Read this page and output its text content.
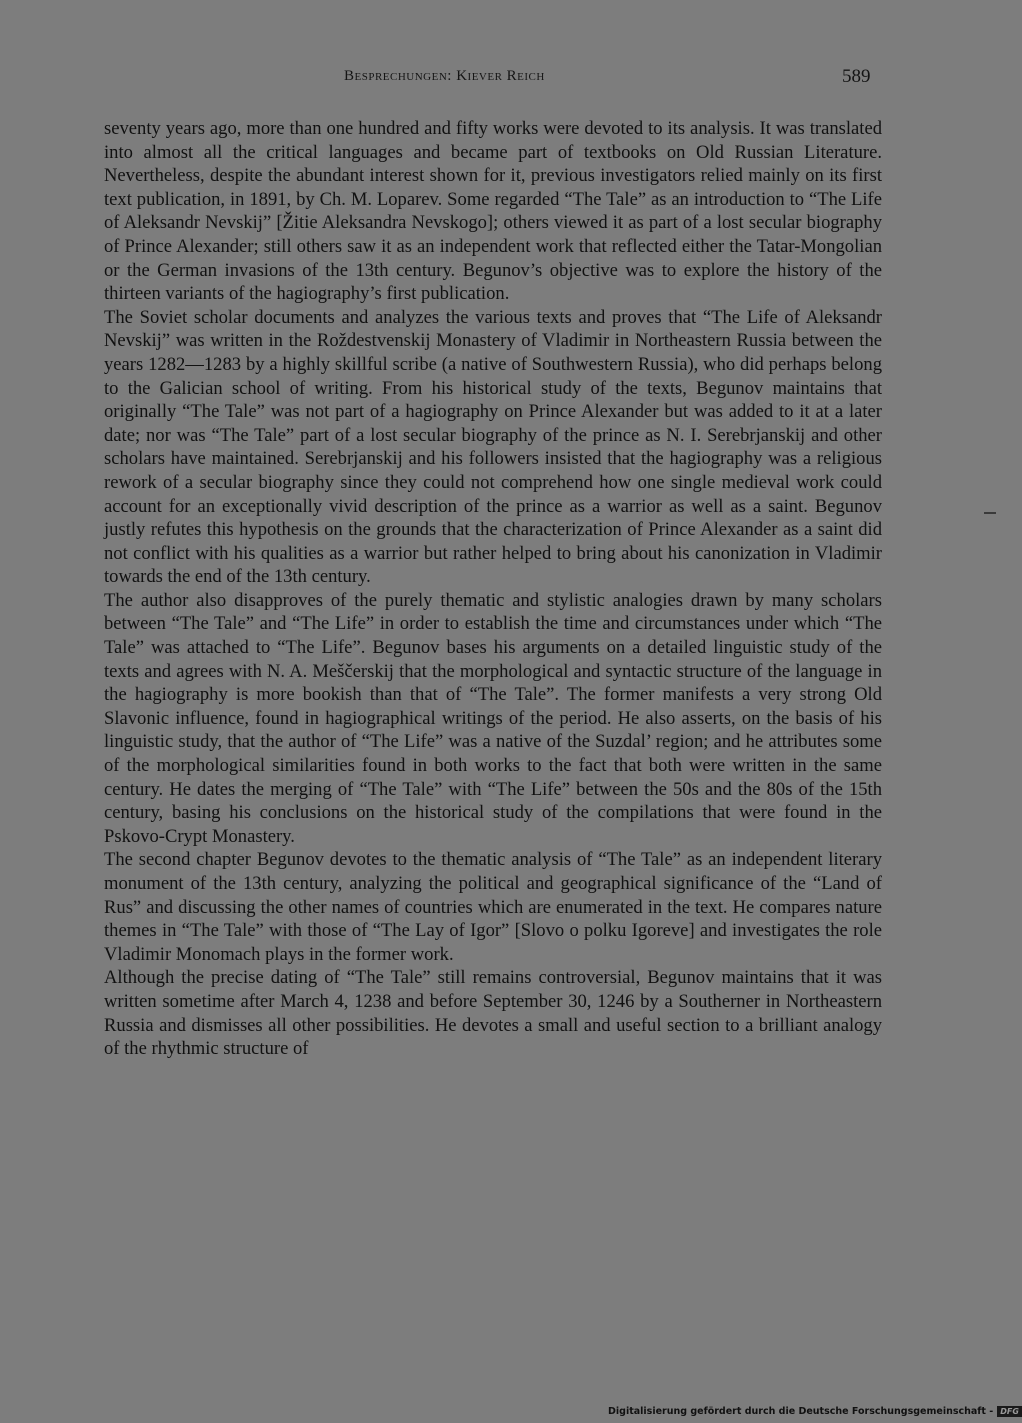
Besprechungen: Kiever Reich	589

seventy years ago, more than one hundred and fifty works were devoted to its analysis. It was translated into almost all the critical languages and became part of textbooks on Old Russian Literature. Nevertheless, despite the abundant interest shown for it, previous investigators relied mainly on its first text publication, in 1891, by Ch. M. Loparev. Some regarded “The Tale” as an introduction to “The Life of Aleksandr Nevskij” [Žitie Aleksandra Nevskogo]; others viewed it as part of a lost secular biography of Prince Alexander; still others saw it as an independent work that reflected either the Tatar-Mongolian or the German invasions of the 13th century. Begunov’s objective was to explore the history of the thirteen variants of the hagiography’s first publication.

The Soviet scholar documents and analyzes the various texts and proves that “The Life of Aleksandr Nevskij” was written in the Roždestvenskij Monastery of Vladimir in Northeastern Russia between the years 1282—1283 by a highly skillful scribe (a native of Southwestern Russia), who did perhaps belong to the Galician school of writing. From his historical study of the texts, Begunov maintains that originally “The Tale” was not part of a hagiography on Prince Alexander but was added to it at a later date; nor was “The Tale” part of a lost secular biography of the prince as N. I. Serebrjanskij and other scholars have maintained. Serebrjanskij and his followers insisted that the hagiography was a religious rework of a secular biography since they could not comprehend how one single medieval work could account for an exceptionally vivid description of the prince as a warrior as well as a saint. Begunov justly refutes this hypothesis on the grounds that the characterization of Prince Alexander as a saint did not conflict with his qualities as a warrior but rather helped to bring about his canonization in Vladimir towards the end of the 13th century.

The author also disapproves of the purely thematic and stylistic analogies drawn by many scholars between “The Tale” and “The Life” in order to establish the time and circumstances under which “The Tale” was attached to “The Life”. Begunov bases his arguments on a detailed linguistic study of the texts and agrees with N. A. Meščerskij that the morphological and syntactic structure of the language in the hagiography is more bookish than that of “The Tale”. The former manifests a very strong Old Slavonic influence, found in hagiographical writings of the period. He also asserts, on the basis of his linguistic study, that the author of “The Life” was a native of the Suzdal’ region; and he attributes some of the morphological similarities found in both works to the fact that both were written in the same century. He dates the merging of “The Tale” with “The Life” between the 50s and the 80s of the 15th century, basing his conclusions on the historical study of the compilations that were found in the Pskovo-Crypt Monastery.

The second chapter Begunov devotes to the thematic analysis of “The Tale” as an independent literary monument of the 13th century, analyzing the political and geographical significance of the “Land of Rus” and discussing the other names of countries which are enumerated in the text. He compares nature themes in “The Tale” with those of “The Lay of Igor” [Slovo o polku Igoreve] and investigates the role Vladimir Monomach plays in the former work.

Although the precise dating of “The Tale” still remains controversial, Begunov maintains that it was written sometime after March 4, 1238 and before September 30, 1246 by a Southerner in Northeastern Russia and dismisses all other possibilities. He devotes a small and useful section to a brilliant analogy of the rhythmic structure of

Digitalisierung gefördert durch die Deutsche Forschungsgemeinschaft - DFG
